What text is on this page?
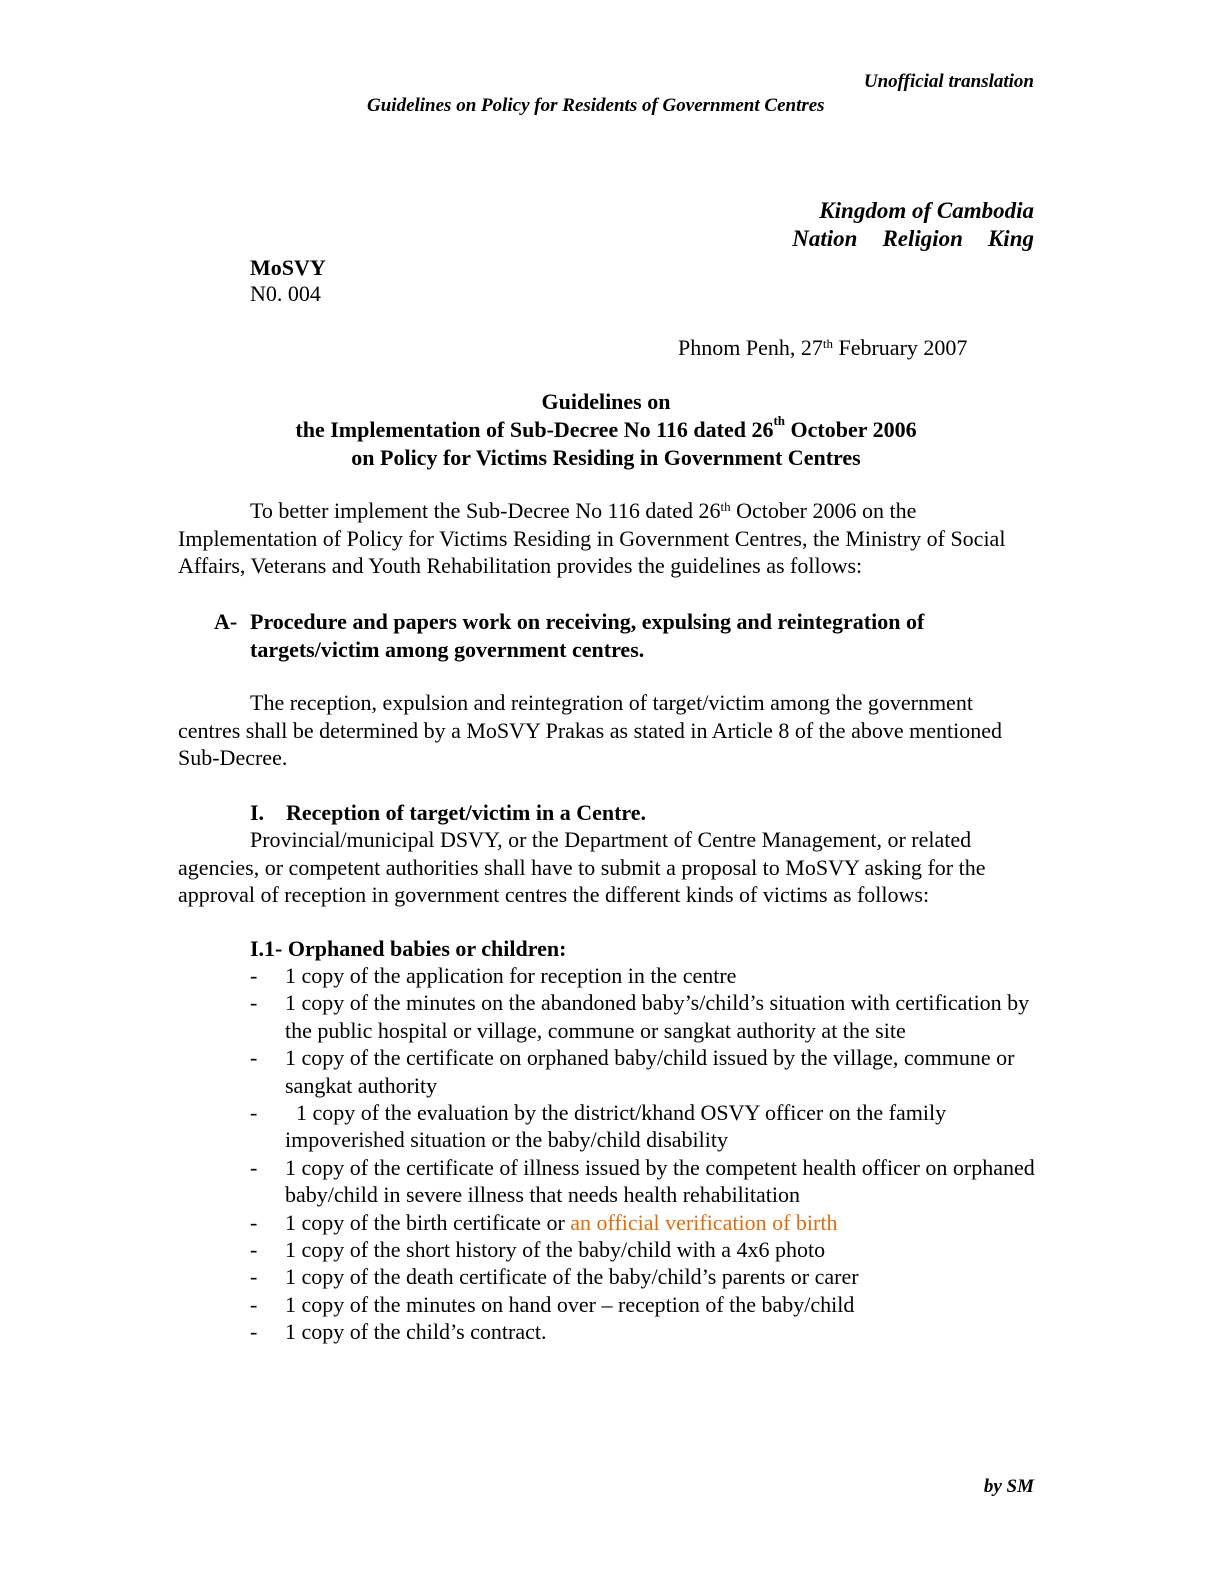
Unofficial translation
Guidelines on Policy for Residents of Government Centres
Kingdom of Cambodia
Nation Religion King
MoSVY
N0. 004
Phnom Penh, 27th February 2007
Guidelines on
the Implementation of Sub-Decree No 116 dated 26th October 2006
on Policy for Victims Residing in Government Centres
To better implement the Sub-Decree No 116 dated 26th October 2006 on the Implementation of Policy for Victims Residing in Government Centres, the Ministry of Social Affairs, Veterans and Youth Rehabilitation provides the guidelines as follows:
A- Procedure and papers work on receiving, expulsing and reintegration of
targets/victim among government centres.
The reception, expulsion and reintegration of target/victim among the government centres shall be determined by a MoSVY Prakas as stated in Article 8 of the above mentioned Sub-Decree.
I. Reception of target/victim in a Centre.
Provincial/municipal DSVY, or the Department of Centre Management, or related agencies, or competent authorities shall have to submit a proposal to MoSVY asking for the approval of reception in government centres the different kinds of victims as follows:
I.1- Orphaned babies or children:
- 1 copy of the application for reception in the centre
- 1 copy of the minutes on the abandoned baby’s/child’s situation with certification by the public hospital or village, commune or sangkat authority at the site
- 1 copy of the certificate on orphaned baby/child issued by the village, commune or sangkat authority
- 1 copy of the evaluation by the district/khand OSVY officer on the family impoverished situation or the baby/child disability
- 1 copy of the certificate of illness issued by the competent health officer on orphaned baby/child in severe illness that needs health rehabilitation
- 1 copy of the birth certificate or an official verification of birth
- 1 copy of the short history of the baby/child with a 4x6 photo
- 1 copy of the death certificate of the baby/child’s parents or carer
- 1 copy of the minutes on hand over – reception of the baby/child
- 1 copy of the child’s contract.
by SM
